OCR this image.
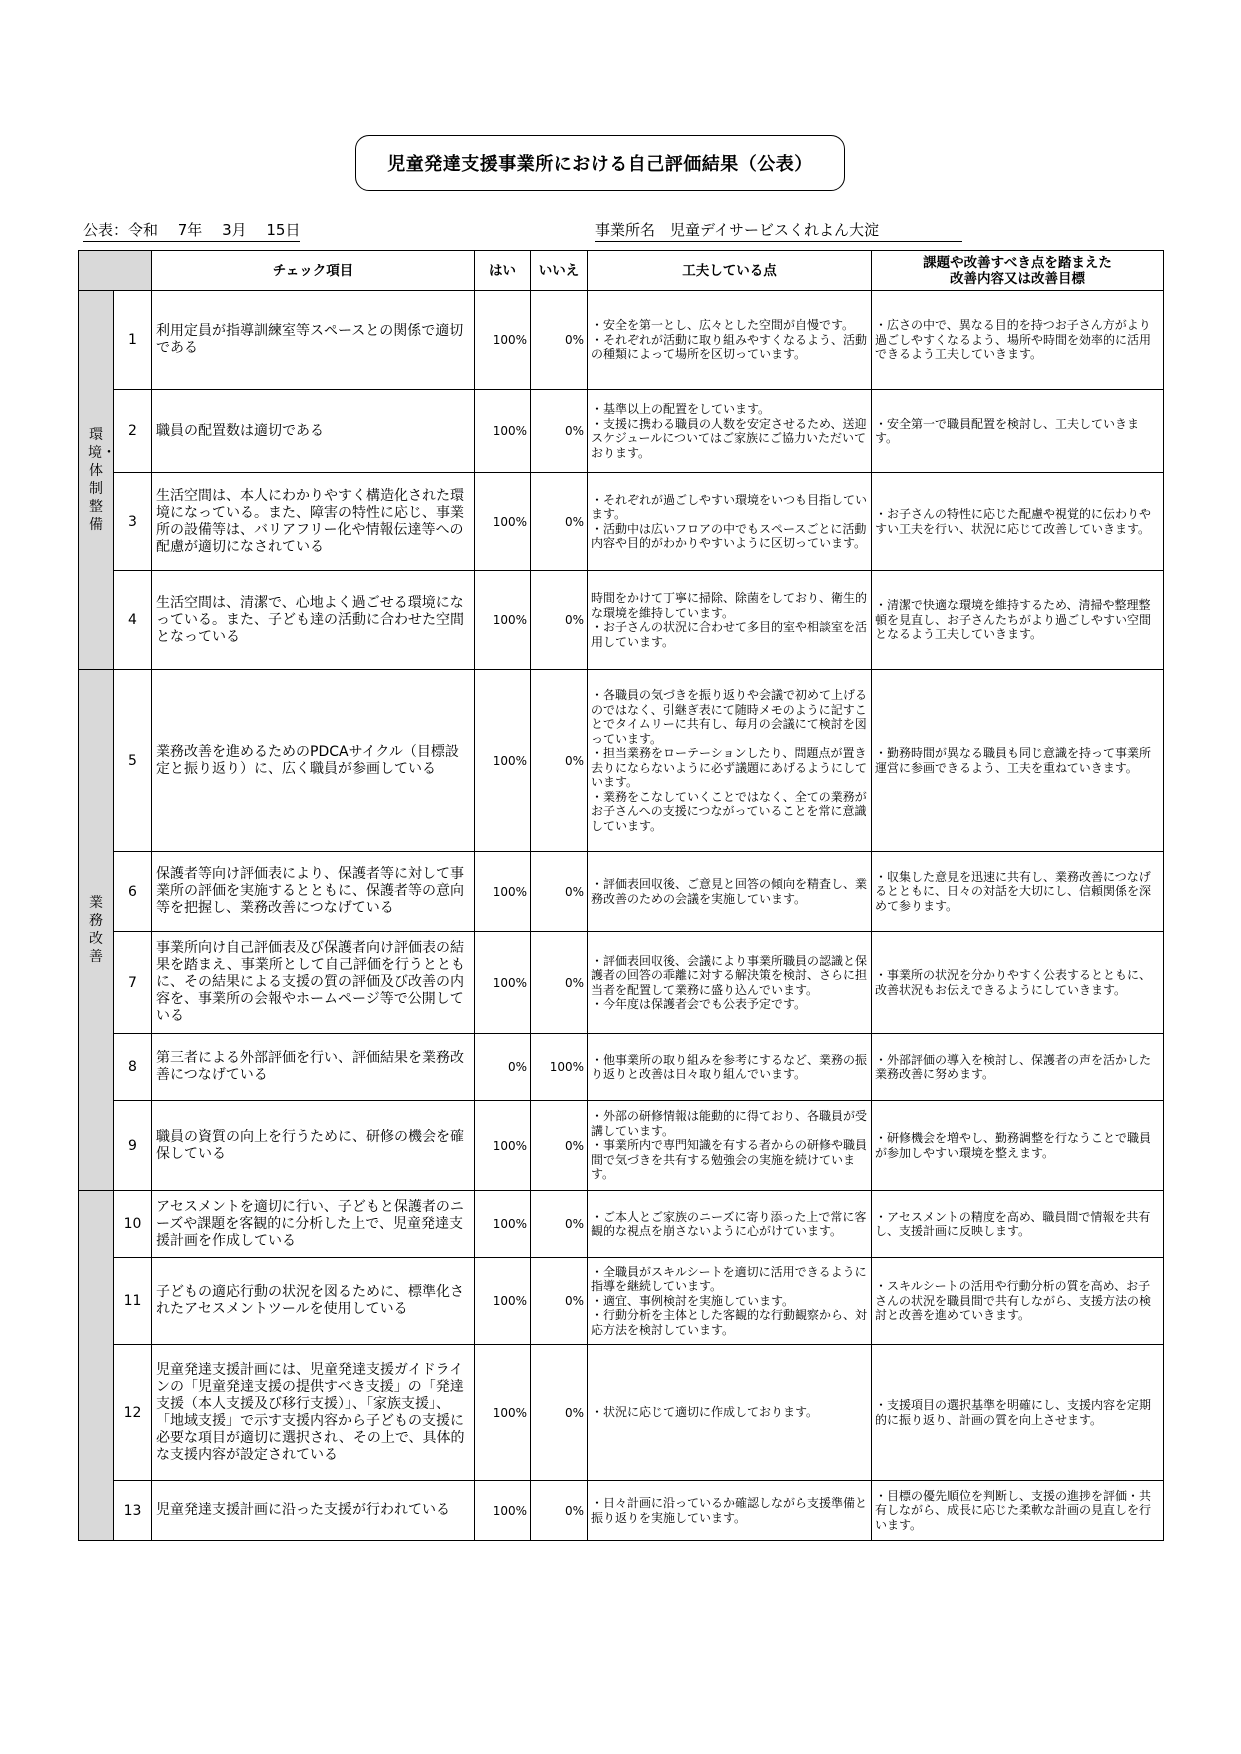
児童発達支援事業所における自己評価結果（公表）
公表：令和　 7年　 3月　 15日	事業所名　児童デイサービスくれよん大淀
		チェック項目	はい	いいえ	工夫している点	課題や改善すべき点を踏まえた
改善内容又は改善目標
環境・体制整備	1	利用定員が指導訓練室等スペースとの関係で適切である	100%	0%	・安全を第一とし、広々とした空間が自慢です。
・それぞれが活動に取り組みやすくなるよう、活動の種類によって場所を区切っています。	・広さの中で、異なる目的を持つお子さん方がより過ごしやすくなるよう、場所や時間を効率的に活用できるよう工夫していきます。
	2	職員の配置数は適切である	100%	0%	・基準以上の配置をしています。
・支援に携わる職員の人数を安定させるため、送迎スケジュールについてはご家族にご協力いただいております。	・安全第一で職員配置を検討し、工夫していきます。
	3	生活空間は、本人にわかりやすく構造化された環境になっている。また、障害の特性に応じ、事業所の設備等は、バリアフリー化や情報伝達等への配慮が適切になされている	100%	0%	・それぞれが過ごしやすい環境をいつも目指しています。
・活動中は広いフロアの中でもスペースごとに活動内容や目的がわかりやすいように区切っています。	・お子さんの特性に応じた配慮や視覚的に伝わりやすい工夫を行い、状況に応じて改善していきます。
	4	生活空間は、清潔で、心地よく過ごせる環境になっている。また、子ども達の活動に合わせた空間となっている	100%	0%	時間をかけて丁寧に掃除、除菌をしており、衛生的な環境を維持しています。
・お子さんの状況に合わせて多目的室や相談室を活用しています。	・清潔で快適な環境を維持するため、清掃や整理整頓を見直し、お子さんたちがより過ごしやすい空間となるよう工夫していきます。
業務改善	5	業務改善を進めるためのPDCAサイクル（目標設定と振り返り）に、広く職員が参画している	100%	0%	・各職員の気づきを振り返りや会議で初めて上げるのではなく、引継ぎ表にて随時メモのように記すことでタイムリーに共有し、毎月の会議にて検討を図っています。
・担当業務をローテーションしたり、問題点が置き去りにならないように必ず議題にあげるようにしています。
・業務をこなしていくことではなく、全ての業務がお子さんへの支援につながっていることを常に意識しています。	・勤務時間が異なる職員も同じ意識を持って事業所運営に参画できるよう、工夫を重ねていきます。
	6	保護者等向け評価表により、保護者等に対して事業所の評価を実施するとともに、保護者等の意向等を把握し、業務改善につなげている	100%	0%	・評価表回収後、ご意見と回答の傾向を精査し、業務改善のための会議を実施しています。	・収集した意見を迅速に共有し、業務改善につなげるとともに、日々の対話を大切にし、信頼関係を深めて参ります。
	7	事業所向け自己評価表及び保護者向け評価表の結果を踏まえ、事業所として自己評価を行うとともに、その結果による支援の質の評価及び改善の内容を、事業所の会報やホームページ等で公開している	100%	0%	・評価表回収後、会議により事業所職員の認識と保護者の回答の乖離に対する解決策を検討、さらに担当者を配置して業務に盛り込んでいます。
・今年度は保護者会でも公表予定です。	・事業所の状況を分かりやすく公表するとともに、改善状況もお伝えできるようにしていきます。
	8	第三者による外部評価を行い、評価結果を業務改善につなげている	0%	100%	・他事業所の取り組みを参考にするなど、業務の振り返りと改善は日々取り組んでいます。	・外部評価の導入を検討し、保護者の声を活かした業務改善に努めます。
	9	職員の資質の向上を行うために、研修の機会を確保している	100%	0%	・外部の研修情報は能動的に得ており、各職員が受講しています。
・事業所内で専門知識を有する者からの研修や職員間で気づきを共有する勉強会の実施を続けています。	・研修機会を増やし、勤務調整を行なうことで職員が参加しやすい環境を整えます。
	10	アセスメントを適切に行い、子どもと保護者のニーズや課題を客観的に分析した上で、児童発達支援計画を作成している	100%	0%	・ご本人とご家族のニーズに寄り添った上で常に客観的な視点を崩さないように心がけています。	・アセスメントの精度を高め、職員間で情報を共有し、支援計画に反映します。
	11	子どもの適応行動の状況を図るために、標準化されたアセスメントツールを使用している	100%	0%	・全職員がスキルシートを適切に活用できるように指導を継続しています。
・適宜、事例検討を実施しています。
・行動分析を主体とした客観的な行動観察から、対応方法を検討しています。	・スキルシートの活用や行動分析の質を高め、お子さんの状況を職員間で共有しながら、支援方法の検討と改善を進めていきます。
	12	児童発達支援計画には、児童発達支援ガイドラインの「児童発達支援の提供すべき支援」の「発達支援（本人支援及び移行支援）」、「家族支援」、「地域支援」で示す支援内容から子どもの支援に必要な項目が適切に選択され、その上で、具体的な支援内容が設定されている	100%	0%	・状況に応じて適切に作成しております。	・支援項目の選択基準を明確にし、支援内容を定期的に振り返り、計画の質を向上させます。
	13	児童発達支援計画に沿った支援が行われている	100%	0%	・日々計画に沿っているか確認しながら支援準備と振り返りを実施しています。	・目標の優先順位を判断し、支援の進捗を評価・共有しながら、成長に応じた柔軟な計画の見直しを行います。
